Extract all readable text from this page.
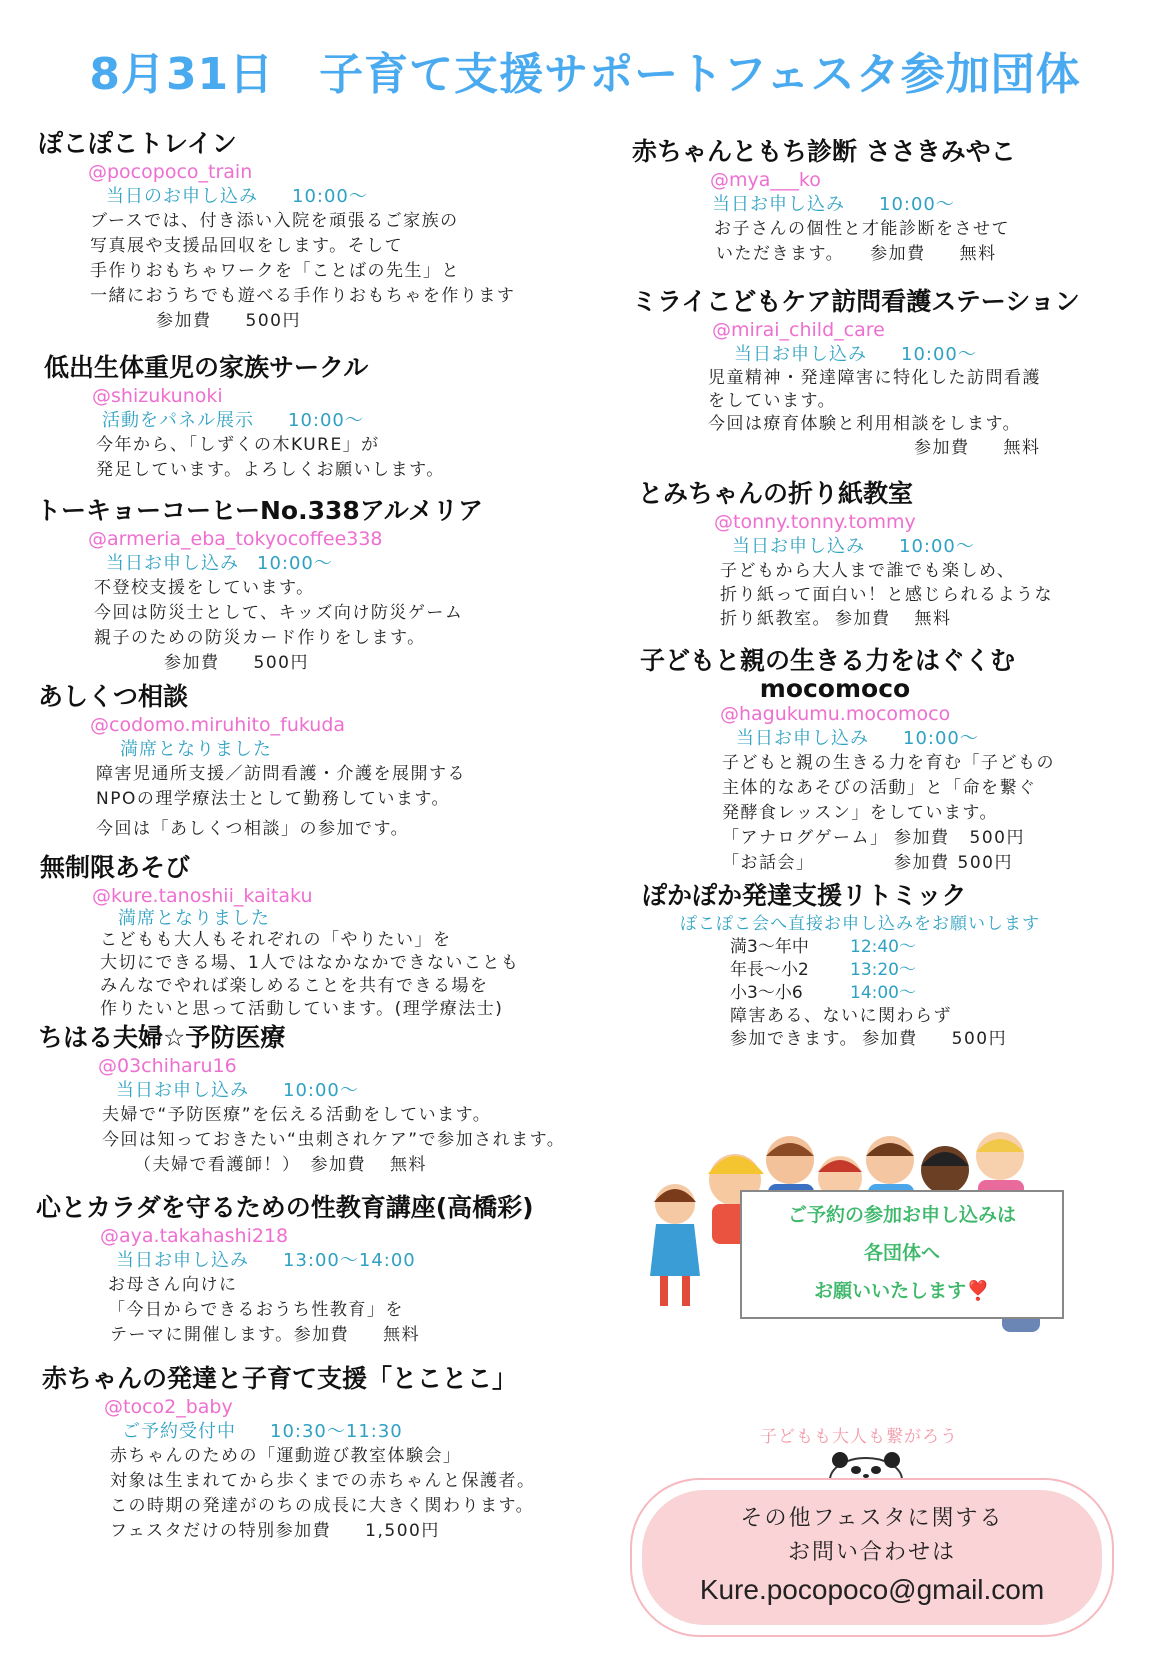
8月31日　子育て支援サポートフェスタ参加団体
ぽこぽこトレイン
@pocopoco_train
当日のお申し込み 10:00～
ブースでは、付き添い入院を頑張るご家族の
写真展や支援品回収をします。そして
手作りおもちゃワークを「ことばの先生」と
一緒におうちでも遊べる手作りおもちゃを作ります
参加費 500円
低出生体重児の家族サークル
@shizukunoki
活動をパネル展示 10:00～
今年から、「しずくの木KURE」が
発足しています。よろしくお願いします。
トーキョーコーヒーNo.338アルメリア
@armeria_eba_tokyocoffee338
当日お申し込み 10:00～
不登校支援をしています。
今回は防災士として、キッズ向け防災ゲーム
親子のための防災カード作りをします。
参加費 500円
あしくつ相談
@codomo.miruhito_fukuda
満席となりました
障害児通所支援／訪問看護・介護を展開する
NPOの理学療法士として勤務しています。
今回は「あしくつ相談」の参加です。
無制限あそび
@kure.tanoshii_kaitaku
満席となりました
こどもも大人もそれぞれの「やりたい」を
大切にできる場、1人ではなかなかできないことも
みんなでやれば楽しめることを共有できる場を
作りたいと思って活動しています。(理学療法士)
ちはる夫婦☆予防医療
@03chiharu16
当日お申し込み 10:00～
夫婦で“予防医療”を伝える活動をしています。
今回は知っておきたい“虫刺されケア”で参加されます。
（夫婦で看護師！） 参加費 無料
心とカラダを守るための性教育講座(高橋彩)
@aya.takahashi218
当日お申し込み 13:00～14:00
お母さん向けに
「今日からできるおうち性教育」を
テーマに開催します。参加費 無料
赤ちゃんの発達と子育て支援「とことこ」
@toco2_baby
ご予約受付中 10:30～11:30
赤ちゃんのための「運動遊び教室体験会」
対象は生まれてから歩くまでの赤ちゃんと保護者。
この時期の発達がのちの成長に大きく関わります。
フェスタだけの特別参加費 1,500円
赤ちゃんともち診断 ささきみやこ
@mya___ko
当日お申し込み 10:00～
お子さんの個性と才能診断をさせて
いただきます。 参加費 無料
ミライこどもケア訪問看護ステーション
@mirai_child_care
当日お申し込み 10:00～
児童精神・発達障害に特化した訪問看護
をしています。
今回は療育体験と利用相談をします。
参加費 無料
とみちゃんの折り紙教室
@tonny.tonny.tommy
当日お申し込み 10:00～
子どもから大人まで誰でも楽しめ、
折り紙って面白い！と感じられるような
折り紙教室。 参加費 無料
子どもと親の生きる力をはぐくむ
mocomoco
@hagukumu.mocomoco
当日お申し込み 10:00～
子どもと親の生きる力を育む「子どもの
主体的なあそびの活動」と「命を繋ぐ
発酵食レッスン」をしています。
「アナログゲーム」 参加費 500円
「お話会」	参加費 500円
ぽかぽか発達支援リトミック
ぽこぽこ会へ直接お申し込みをお願いします
満3～年中 12:40～
年長～小2 13:20～
小3～小6	14:00～
障害ある、ないに関わらず
参加できます。 参加費 500円
ご予約の参加お申し込みは
各団体へ
お願いいたします❣️
子どもも大人も繋がろう
その他フェスタに関する
お問い合わせは
Kure.pocopoco@gmail.com
